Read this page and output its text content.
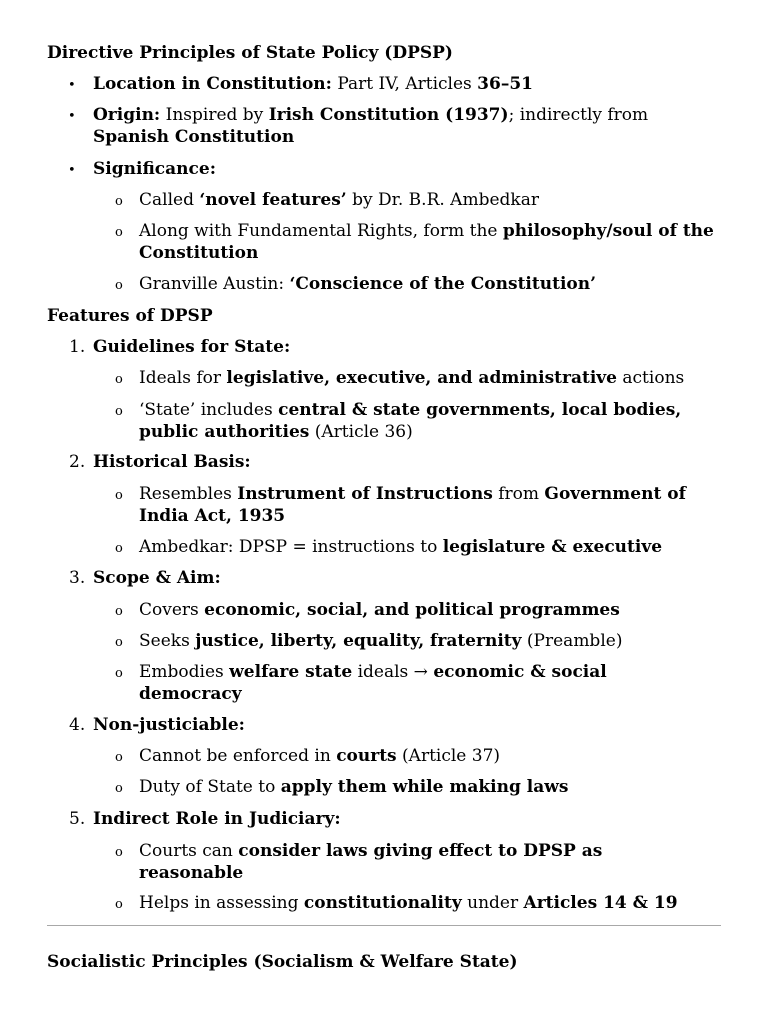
Directive Principles of State Policy (DPSP)
• Location in Constitution: Part IV, Articles 36–51
• Origin: Inspired by Irish Constitution (1937); indirectly from Spanish Constitution
• Significance:
o Called ‘novel features’ by Dr. B.R. Ambedkar
o Along with Fundamental Rights, form the philosophy/soul of the Constitution
o Granville Austin: ‘Conscience of the Constitution’
Features of DPSP
1. Guidelines for State:
o Ideals for legislative, executive, and administrative actions
o ‘State’ includes central & state governments, local bodies, public authorities (Article 36)
2. Historical Basis:
o Resembles Instrument of Instructions from Government of India Act, 1935
o Ambedkar: DPSP = instructions to legislature & executive
3. Scope & Aim:
o Covers economic, social, and political programmes
o Seeks justice, liberty, equality, fraternity (Preamble)
o Embodies welfare state ideals → economic & social democracy
4. Non-justiciable:
o Cannot be enforced in courts (Article 37)
o Duty of State to apply them while making laws
5. Indirect Role in Judiciary:
o Courts can consider laws giving effect to DPSP as reasonable
o Helps in assessing constitutionality under Articles 14 & 19
Socialistic Principles (Socialism & Welfare State)
